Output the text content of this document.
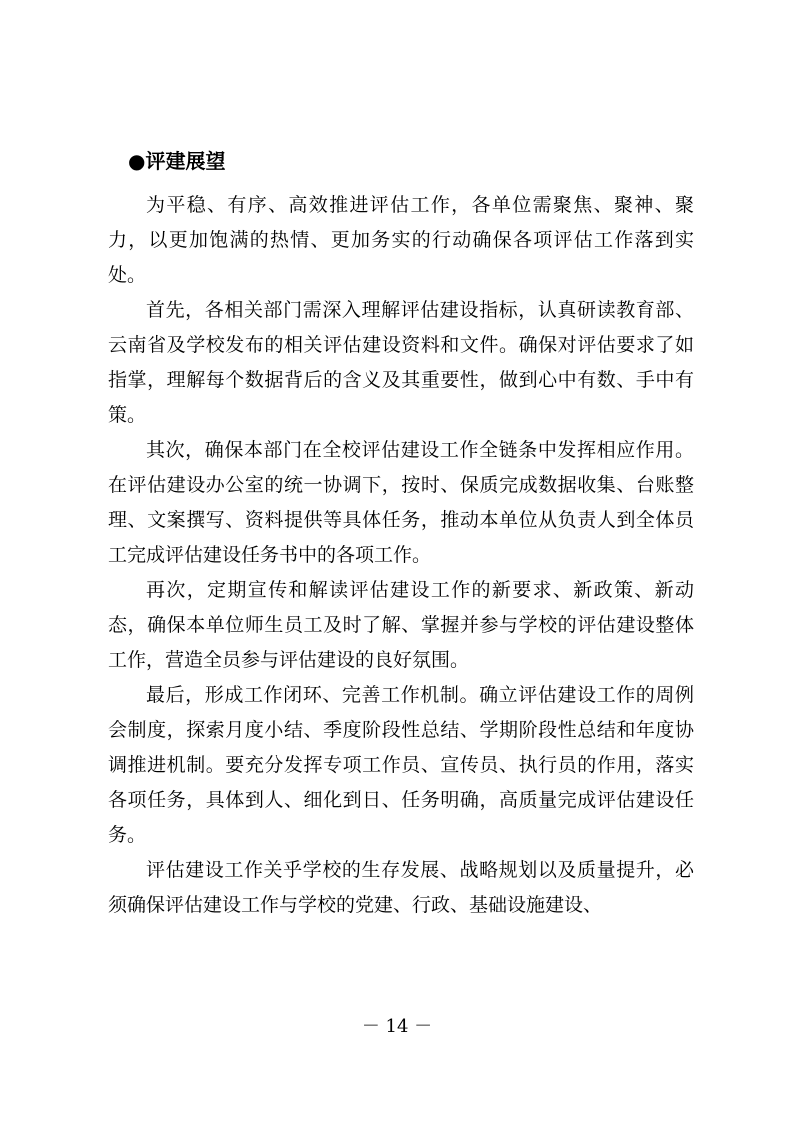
●评建展望

为平稳、有序、高效推进评估工作，各单位需聚焦、聚神、聚力，以更加饱满的热情、更加务实的行动确保各项评估工作落到实处。

首先，各相关部门需深入理解评估建设指标，认真研读教育部、云南省及学校发布的相关评估建设资料和文件。确保对评估要求了如指掌，理解每个数据背后的含义及其重要性，做到心中有数、手中有策。

其次，确保本部门在全校评估建设工作全链条中发挥相应作用。在评估建设办公室的统一协调下，按时、保质完成数据收集、台账整理、文案撰写、资料提供等具体任务，推动本单位从负责人到全体员工完成评估建设任务书中的各项工作。

再次，定期宣传和解读评估建设工作的新要求、新政策、新动态，确保本单位师生员工及时了解、掌握并参与学校的评估建设整体工作，营造全员参与评估建设的良好氛围。

最后，形成工作闭环、完善工作机制。确立评估建设工作的周例会制度，探索月度小结、季度阶段性总结、学期阶段性总结和年度协调推进机制。要充分发挥专项工作员、宣传员、执行员的作用，落实各项任务，具体到人、细化到日、任务明确，高质量完成评估建设任务。

评估建设工作关乎学校的生存发展、战略规划以及质量提升，必须确保评估建设工作与学校的党建、行政、基础设施建设、

－ 14 －
